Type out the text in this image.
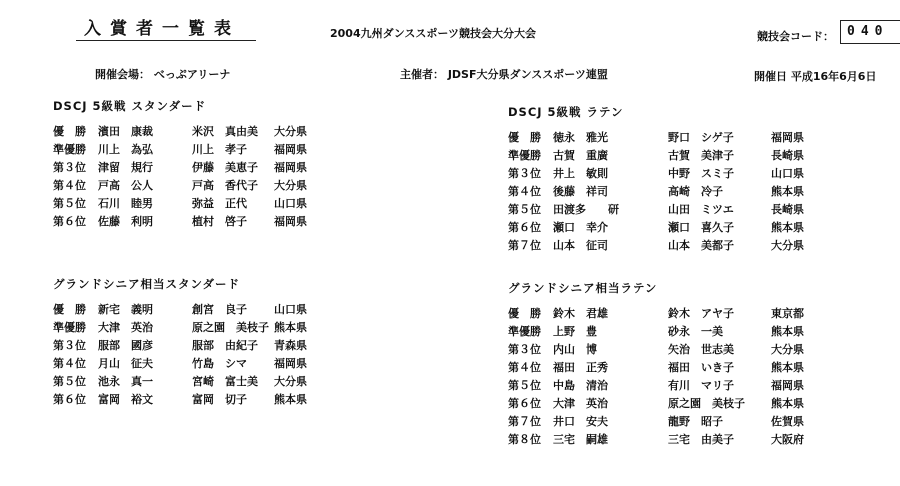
入賞者一覧表	2004九州ダンススポーツ競技会大分大会	競技会コード：	040
開催会場： べっぷアリーナ	主催者： JDSF大分県ダンススポーツ連盟	開催日 平成16年6月6日
DSCJ 5級戦 スタンダード
優　勝	濱田　康裁	米沢　真由美	大分県
準優勝	川上　為弘	川上　孝子	福岡県
第３位	津留　規行	伊藤　美恵子	福岡県
第４位	戸高　公人	戸高　香代子	大分県
第５位	石川　睦男	弥益　正代	山口県
第６位	佐藤　利明	植村　啓子	福岡県
DSCJ 5級戦 ラテン
優　勝	徳永　雅光	野口　シゲ子	福岡県
準優勝	古賀　重廣	古賀　美津子	長崎県
第３位	井上　敏則	中野　スミ子	山口県
第４位	後藤　祥司	高崎　冷子	熊本県
第５位	田渡多　　研	山田　ミツエ	長崎県
第６位	瀬口　幸介	瀬口　喜久子	熊本県
第７位	山本　征司	山本　美都子	大分県
グランドシニア相当スタンダード
優　勝	新宅　義明	創宮　良子	山口県
準優勝	大津　英治	原之園　美枝子	熊本県
第３位	服部　國彦	服部　由紀子	青森県
第４位	月山　征夫	竹島　シマ	福岡県
第５位	池永　真一	宮崎　富士美	大分県
第６位	富岡　裕文	富岡　切子	熊本県
グランドシニア相当ラテン
優　勝	鈴木　君雄	鈴木　アヤ子	東京都
準優勝	上野　豊	砂永　一美	熊本県
第３位	内山　博	矢治　世志美	大分県
第４位	福田　正秀	福田　いき子	熊本県
第５位	中島　清治	有川　マリ子	福岡県
第６位	大津　英治	原之園　美枝子	熊本県
第７位	井口　安夫	龍野　昭子	佐賀県
第８位	三宅　嗣雄	三宅　由美子	大阪府
